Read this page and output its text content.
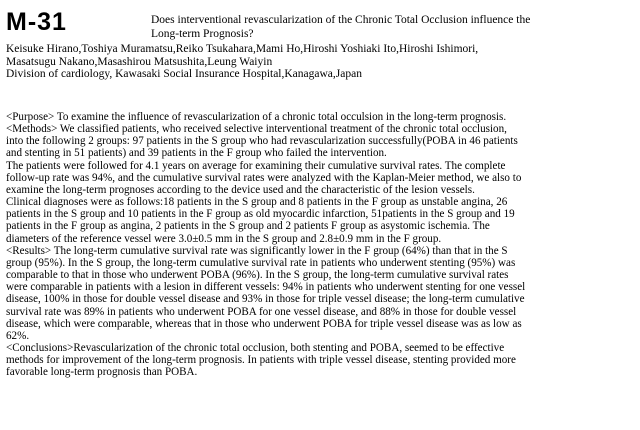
M-31	Does interventional revascularization of the Chronic Total Occlusion influence the
Long-term Prognosis?
Keisuke Hirano,Toshiya Muramatsu,Reiko Tsukahara,Mami Ho,Hiroshi Yoshiaki Ito,Hiroshi Ishimori,
Masatsugu Nakano,Masashirou Matsushita,Leung Waiyin
Division of cardiology, Kawasaki Social Insurance Hospital,Kanagawa,Japan
<Purpose> To examine the influence of revascularization of a chronic total occulsion in the long-term prognosis.
<Methods> We classified patients, who received selective interventional treatment of the chronic total occlusion,
into the following 2 groups: 97 patients in the S group who had revascularization successfully(POBA in 46 patients
and stenting in 51 patients) and 39 patients in the F group who failed the intervention.
The patients were followed for 4.1 years on average for examining their cumulative survival rates. The complete
follow-up rate was 94%, and the cumulative survival rates were analyzed with the Kaplan-Meier method, we also to
examine the long-term prognoses according to the device used and the characteristic of the lesion vessels.
Clinical diagnoses were as follows:18 patients in the S group and 8 patients in the F group as unstable angina, 26
patients in the S group and 10 patients in the F group as old myocardic infarction, 51patients in the S group and 19
patients in the F group as angina, 2 patients in the S group and 2 patients F group as asystomic ischemia. The
diameters of the reference vessel were 3.0±0.5 mm in the S group and 2.8±0.9 mm in the F group.
<Results> The long-term cumulative survival rate was significantly lower in the F group (64%) than that in the S
group (95%). In the S group, the long-term cumulative survival rate in patients who underwent stenting (95%) was
comparable to that in those who underwent POBA (96%). In the S group, the long-term cumulative survival rates
were comparable in patients with a lesion in different vessels: 94% in patients who underwent stenting for one vessel
disease, 100% in those for double vessel disease and 93% in those for triple vessel disease; the long-term cumulative
survival rate was 89% in patients who underwent POBA for one vessel disease, and 88% in those for double vessel
disease, which were comparable, whereas that in those who underwent POBA for triple vessel disease was as low as
62%.
<Conclusions>Revascularization of the chronic total occlusion, both stenting and POBA, seemed to be effective
methods for improvement of the long-term prognosis. In patients with triple vessel disease, stenting provided more
favorable long-term prognosis than POBA.
